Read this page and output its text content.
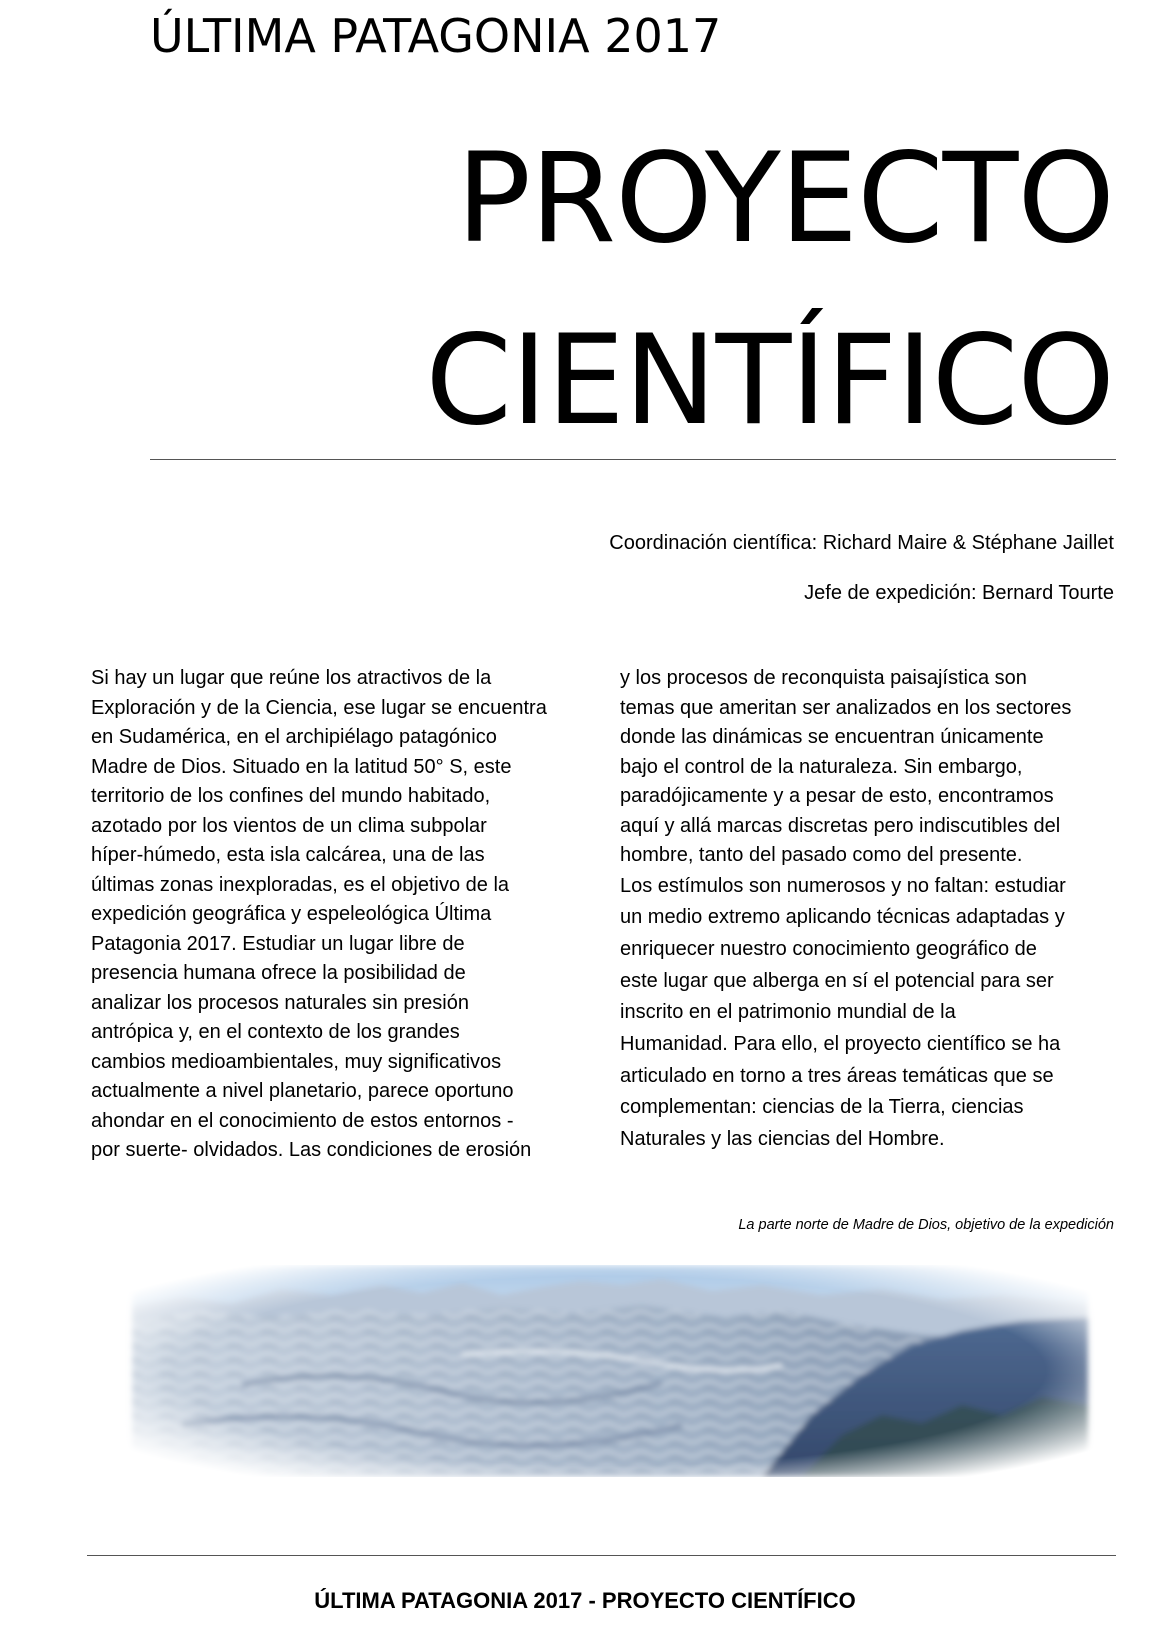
ÚLTIMA PATAGONIA 2017
PROYECTO
CIENTÍFICO
Coordinación científica: Richard Maire & Stéphane Jaillet
Jefe de expedición: Bernard Tourte

Si hay un lugar que reúne los atractivos de la
Exploración y de la Ciencia, ese lugar se encuentra
en Sudamérica, en el archipiélago patagónico
Madre de Dios. Situado en la latitud 50° S, este
territorio de los confines del mundo habitado,
azotado por los vientos de un clima subpolar
híper-húmedo, esta isla calcárea, una de las
últimas zonas inexploradas, es el objetivo de la
expedición geográfica y espeleológica Última
Patagonia 2017. Estudiar un lugar libre de
presencia humana ofrece la posibilidad de
analizar los procesos naturales sin presión
antrópica y, en el contexto de los grandes
cambios medioambientales, muy significativos
actualmente a nivel planetario, parece oportuno
ahondar en el conocimiento de estos entornos -
por suerte- olvidados. Las condiciones de erosión

y los procesos de reconquista paisajística son
temas que ameritan ser analizados en los sectores
donde las dinámicas se encuentran únicamente
bajo el control de la naturaleza. Sin embargo,
paradójicamente y a pesar de esto, encontramos
aquí y allá marcas discretas pero indiscutibles del
hombre, tanto del pasado como del presente.

Los estímulos son numerosos y no faltan: estudiar
un medio extremo aplicando técnicas adaptadas y
enriquecer nuestro conocimiento geográfico de
este lugar que alberga en sí el potencial para ser
inscrito en el patrimonio mundial de la
Humanidad. Para ello, el proyecto científico se ha
articulado en torno a tres áreas temáticas que se
complementan: ciencias de la Tierra, ciencias
Naturales y las ciencias del Hombre.

La parte norte de Madre de Dios, objetivo de la expedición
ÚLTIMA PATAGONIA 2017 - PROYECTO CIENTÍFICO
